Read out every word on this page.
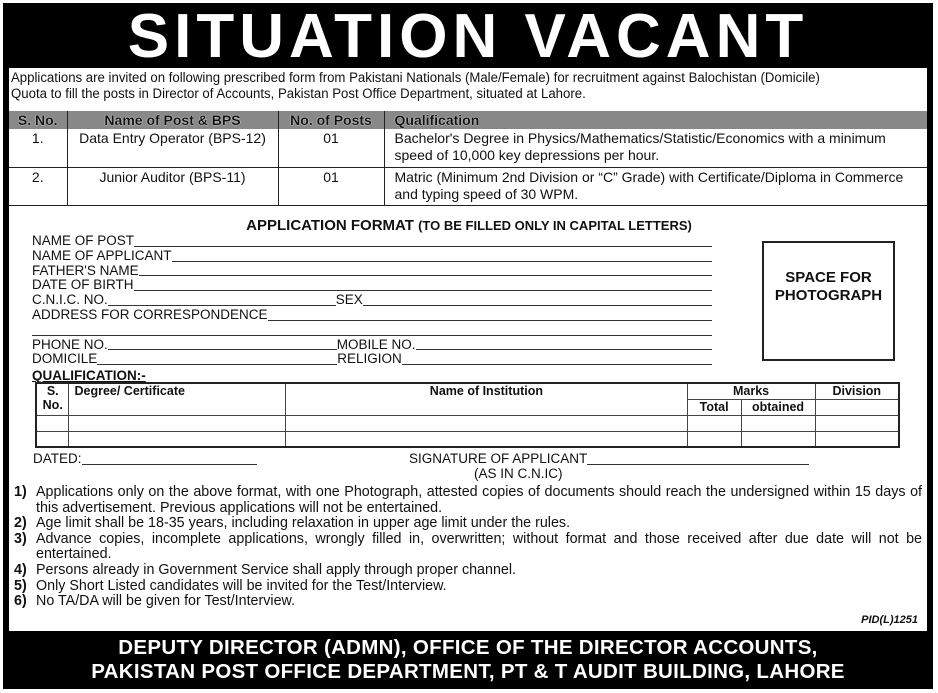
SITUATION VACANT
Applications are invited on following prescribed form from Pakistani Nationals (Male/Female) for recruitment against Balochistan (Domicile)
Quota to fill the posts in Director of Accounts, Pakistan Post Office Department, situated at Lahore.
S. No.	Name of Post & BPS	No. of Posts	Qualification
1.	Data Entry Operator (BPS-12)	01	Bachelor's Degree in Physics/Mathematics/Statistic/Economics with a minimum speed of 10,000 key depressions per hour.
2.	Junior Auditor (BPS-11)	01	Matric (Minimum 2nd Division or “C” Grade) with Certificate/Diploma in Commerce and typing speed of 30 WPM.
APPLICATION FORMAT (TO BE FILLED ONLY IN CAPITAL LETTERS)
NAME OF POST
NAME OF APPLICANT
FATHER'S NAME
DATE OF BIRTH
C.N.I.C. NO.	SEX
ADDRESS FOR CORRESPONDENCE
PHONE NO.	MOBILE NO.
DOMICILE	RELIGION
QUALIFICATION:-
SPACE FOR
PHOTOGRAPH
S.
No.	Degree/ Certificate	Name of Institution	Marks		Division
			Total	obtained	

DATED:	SIGNATURE OF APPLICANT
(AS IN C.N.IC)
1) Applications only on the above format, with one Photograph, attested copies of documents should reach the undersigned within 15 days of this advertisement. Previous applications will not be entertained.
2) Age limit shall be 18-35 years, including relaxation in upper age limit under the rules.
3) Advance copies, incomplete applications, wrongly filled in, overwritten; without format and those received after due date will not be entertained.
4) Persons already in Government Service shall apply through proper channel.
5) Only Short Listed candidates will be invited for the Test/Interview.
6) No TA/DA will be given for Test/Interview.
PID(L)1251
DEPUTY DIRECTOR (ADMN), OFFICE OF THE DIRECTOR ACCOUNTS,
PAKISTAN POST OFFICE DEPARTMENT, PT & T AUDIT BUILDING, LAHORE
